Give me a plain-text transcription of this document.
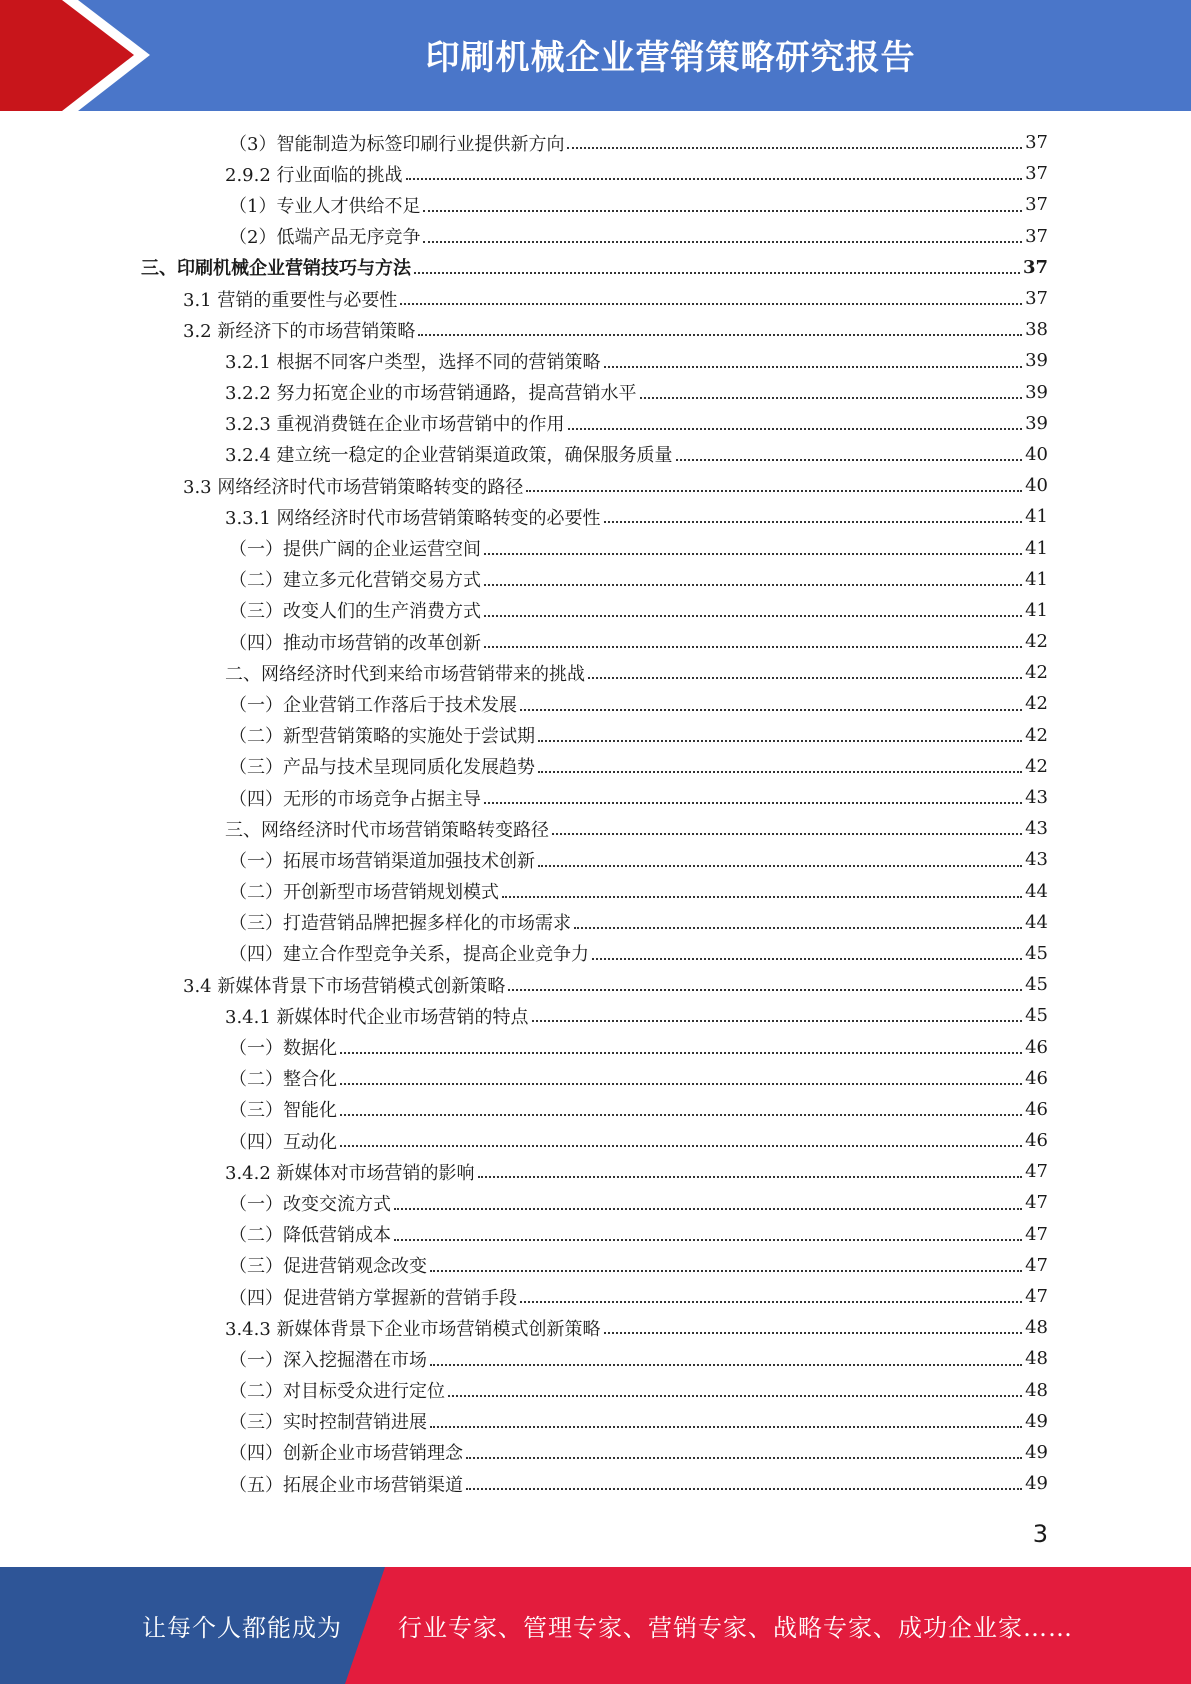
印刷机械企业营销策略研究报告
（3）智能制造为标签印刷行业提供新方向	37
2.9.2 行业面临的挑战	37
（1）专业人才供给不足	37
（2）低端产品无序竞争	37
三、印刷机械企业营销技巧与方法	37
3.1 营销的重要性与必要性	37
3.2 新经济下的市场营销策略	38
3.2.1 根据不同客户类型，选择不同的营销策略	39
3.2.2 努力拓宽企业的市场营销通路，提高营销水平	39
3.2.3 重视消费链在企业市场营销中的作用	39
3.2.4 建立统一稳定的企业营销渠道政策，确保服务质量	40
3.3 网络经济时代市场营销策略转变的路径	40
3.3.1 网络经济时代市场营销策略转变的必要性	41
（一）提供广阔的企业运营空间	41
（二）建立多元化营销交易方式	41
（三）改变人们的生产消费方式	41
（四）推动市场营销的改革创新	42
二、网络经济时代到来给市场营销带来的挑战	42
（一）企业营销工作落后于技术发展	42
（二）新型营销策略的实施处于尝试期	42
（三）产品与技术呈现同质化发展趋势	42
（四）无形的市场竞争占据主导	43
三、网络经济时代市场营销策略转变路径	43
（一）拓展市场营销渠道加强技术创新	43
（二）开创新型市场营销规划模式	44
（三）打造营销品牌把握多样化的市场需求	44
（四）建立合作型竞争关系，提高企业竞争力	45
3.4 新媒体背景下市场营销模式创新策略	45
3.4.1 新媒体时代企业市场营销的特点	45
（一）数据化	46
（二）整合化	46
（三）智能化	46
（四）互动化	46
3.4.2 新媒体对市场营销的影响	47
（一）改变交流方式	47
（二）降低营销成本	47
（三）促进营销观念改变	47
（四）促进营销方掌握新的营销手段	47
3.4.3 新媒体背景下企业市场营销模式创新策略	48
（一）深入挖掘潜在市场	48
（二）对目标受众进行定位	48
（三）实时控制营销进展	49
（四）创新企业市场营销理念	49
（五）拓展企业市场营销渠道	49
3
让每个人都能成为 行业专家、管理专家、营销专家、战略专家、成功企业家……
